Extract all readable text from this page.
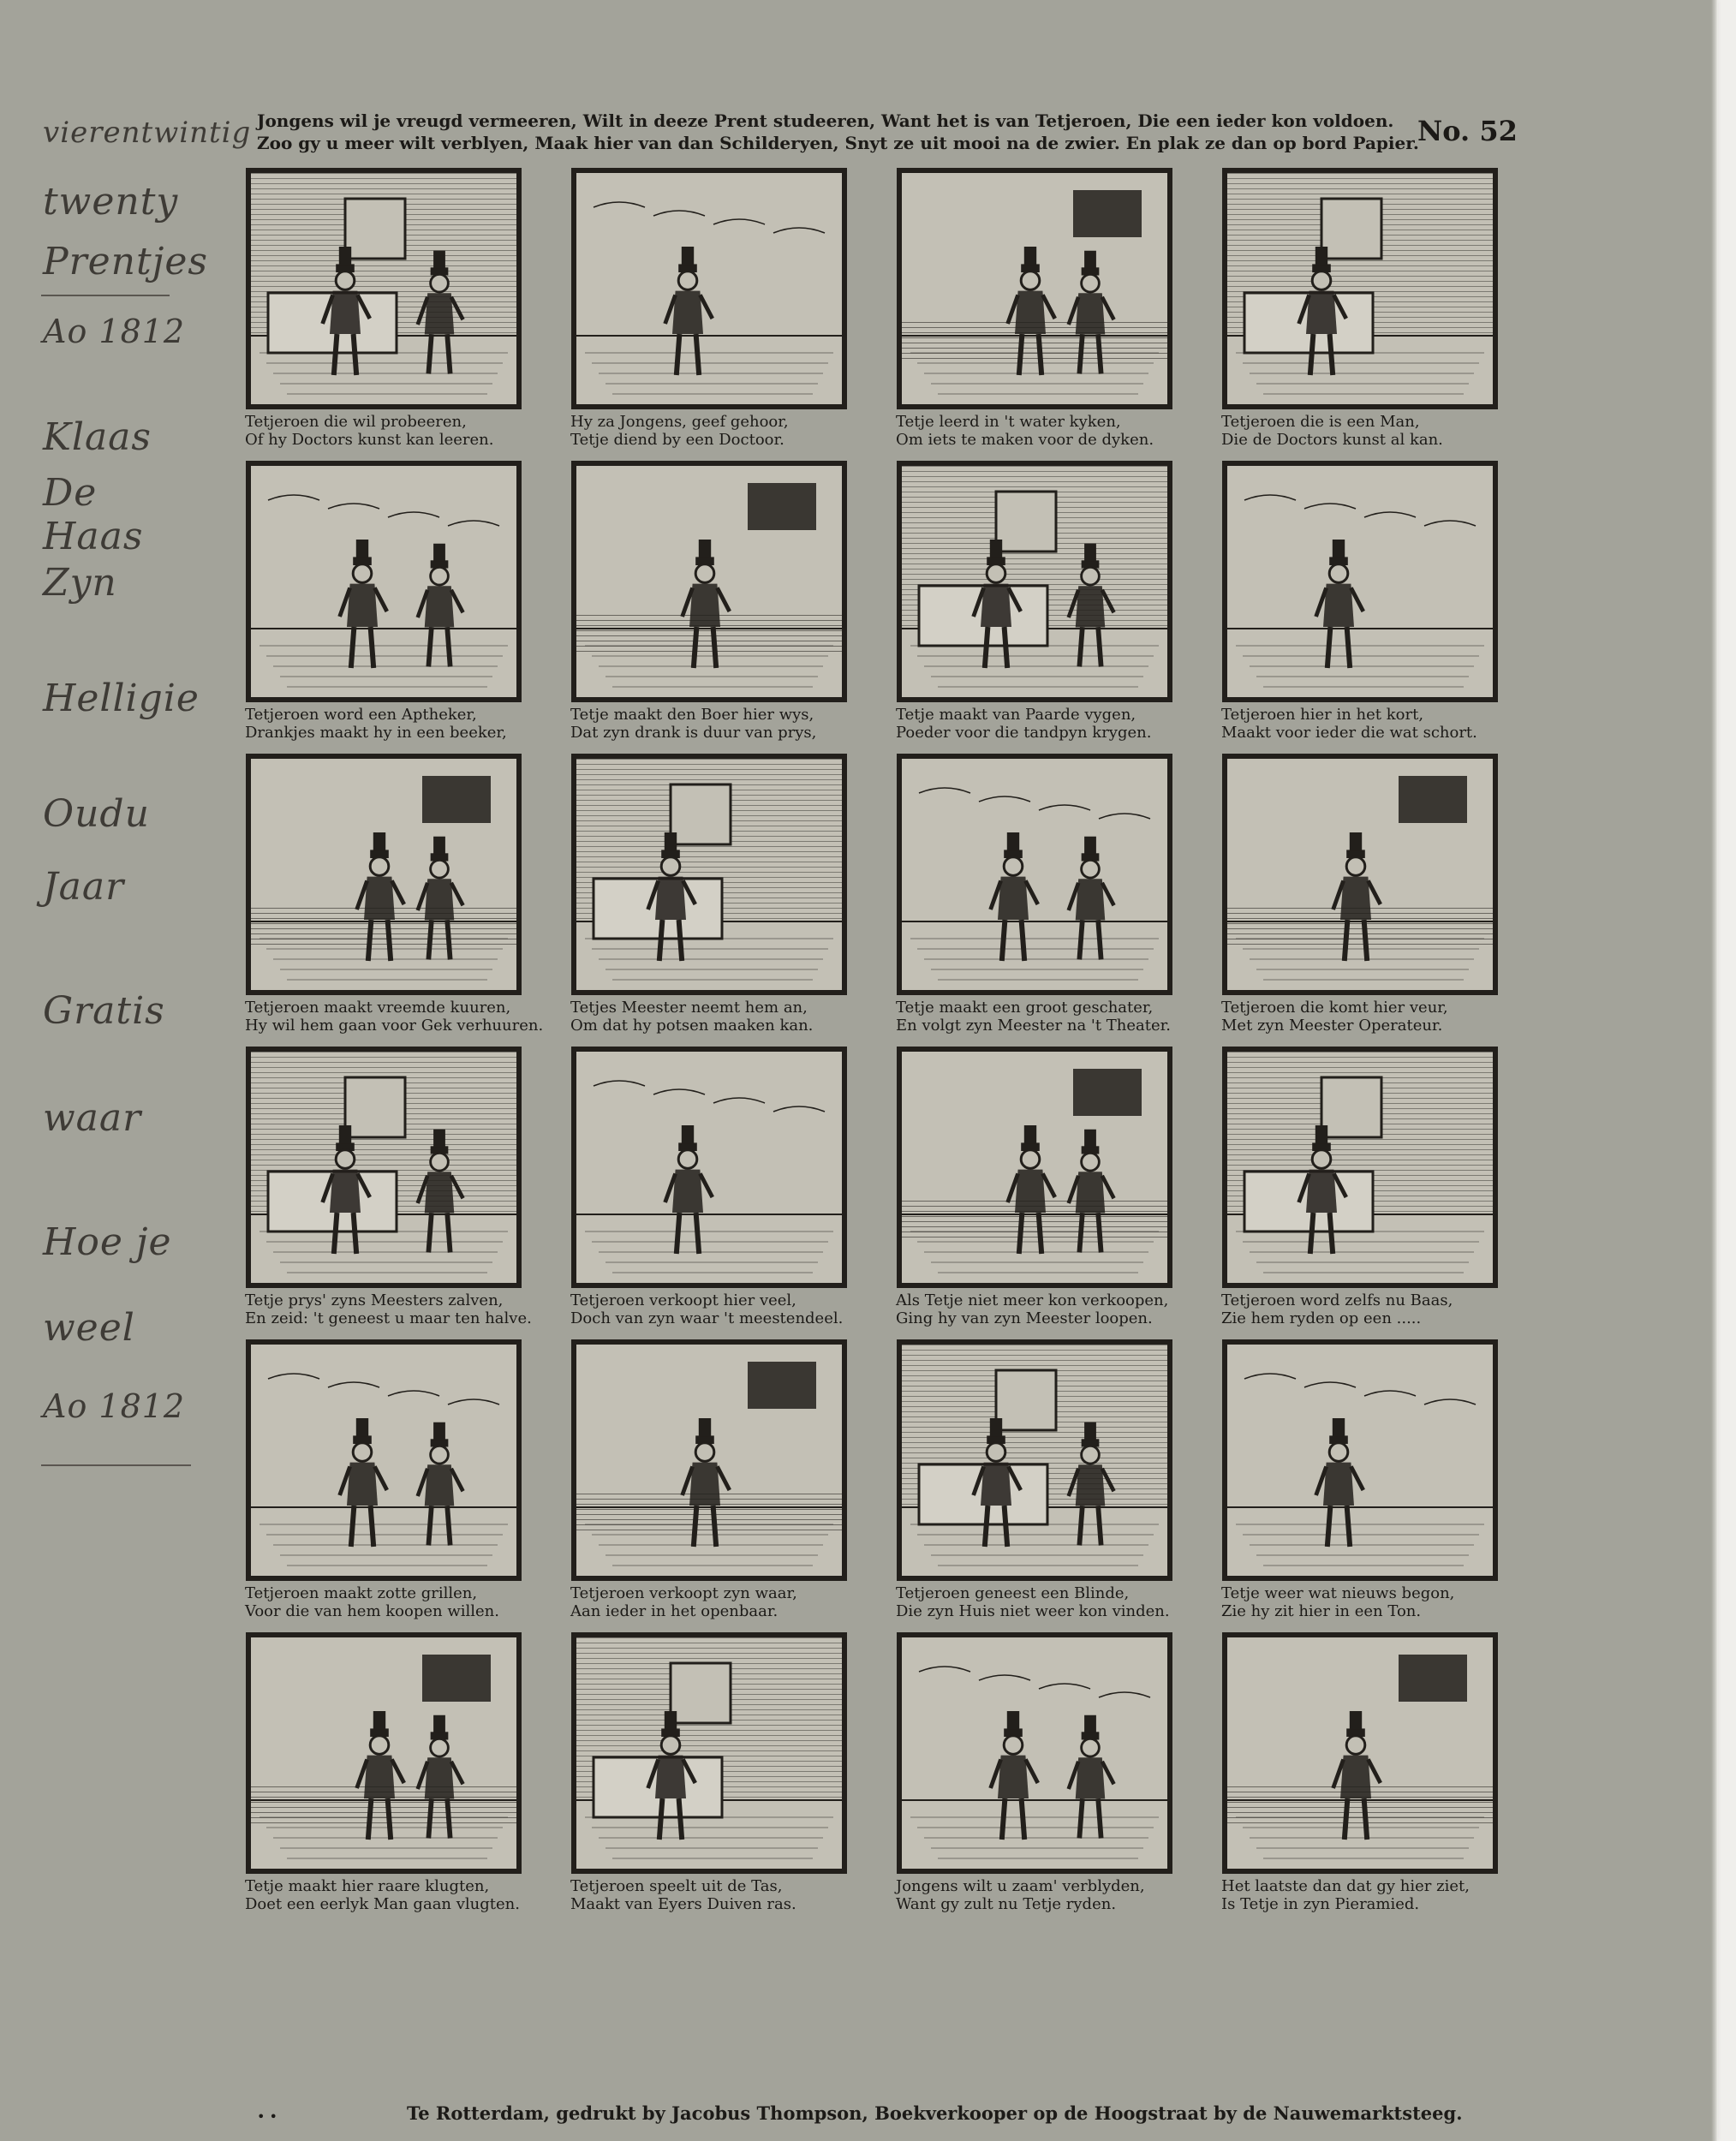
vierentwintig
twenty
Prentjes
Ao 1812
Klaas
De Haas
Zyn
Helligie
Oudu
Jaar
Gratis
waar
Hoe je
weel
Ao 1812
Jongens wil je vreugd vermeeren, Wilt in deeze Prent studeeren, Want het is van Tetjeroen, Die een ieder kon voldoen.
Zoo gy u meer wilt verblyen, Maak hier van dan Schilderyen, Snyt ze uit mooi na de zwier. En plak ze dan op bord Papier.
No. 52
Tetjeroen die wil probeeren,
Of hy Doctors kunst kan leeren.
Hy za Jongens, geef gehoor,
Tetje diend by een Doctoor.
Tetje leerd in 't water kyken,
Om iets te maken voor de dyken.
Tetjeroen die is een Man,
Die de Doctors kunst al kan.
Tetjeroen word een Aptheker,
Drankjes maakt hy in een beeker,
Tetje maakt den Boer hier wys,
Dat zyn drank is duur van prys,
Tetje maakt van Paarde vygen,
Poeder voor die tandpyn krygen.
Tetjeroen hier in het kort,
Maakt voor ieder die wat schort.
Tetjeroen maakt vreemde kuuren,
Hy wil hem gaan voor Gek verhuuren.
Tetjes Meester neemt hem an,
Om dat hy potsen maaken kan.
Tetje maakt een groot geschater,
En volgt zyn Meester na 't Theater.
Tetjeroen die komt hier veur,
Met zyn Meester Operateur.
Tetje prys' zyns Meesters zalven,
En zeid: 't geneest u maar ten halve.
Tetjeroen verkoopt hier veel,
Doch van zyn waar 't meestendeel.
Als Tetje niet meer kon verkoopen,
Ging hy van zyn Meester loopen.
Tetjeroen word zelfs nu Baas,
Zie hem ryden op een .....
Tetjeroen maakt zotte grillen,
Voor die van hem koopen willen.
Tetjeroen verkoopt zyn waar,
Aan ieder in het openbaar.
Tetjeroen geneest een Blinde,
Die zyn Huis niet weer kon vinden.
Tetje weer wat nieuws begon,
Zie hy zit hier in een Ton.
Tetje maakt hier raare klugten,
Doet een eerlyk Man gaan vlugten.
Tetjeroen speelt uit de Tas,
Maakt van Eyers Duiven ras.
Jongens wilt u zaam' verblyden,
Want gy zult nu Tetje ryden.
Het laatste dan dat gy hier ziet,
Is Tetje in zyn Pieramied.
• •	Te Rotterdam, gedrukt by Jacobus Thompson, Boekverkooper op de Hoogstraat by de Nauwemarktsteeg.
